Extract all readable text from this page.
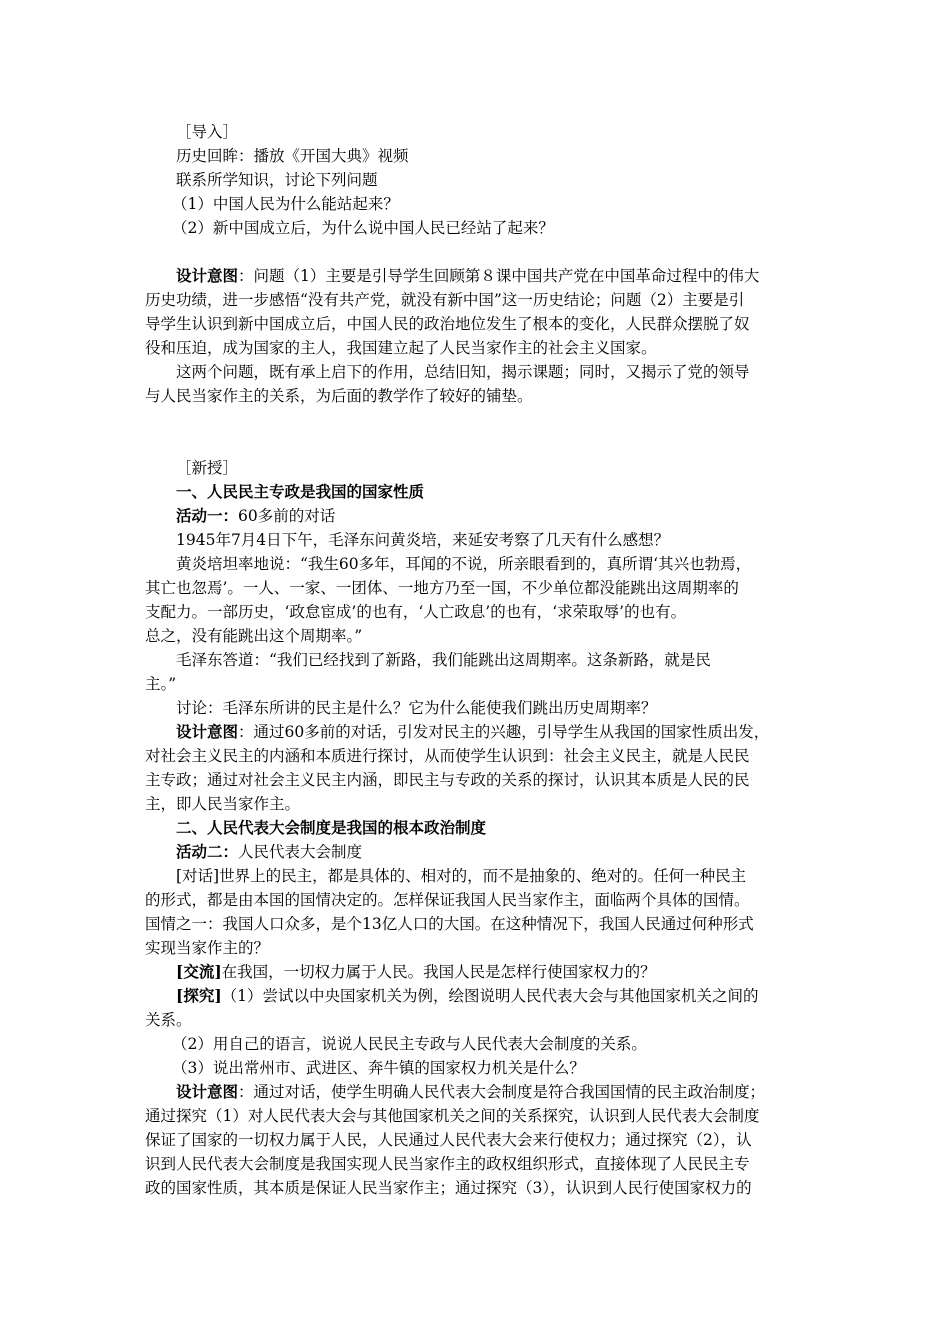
［导入］
历史回眸：播放《开国大典》视频
联系所学知识，讨论下列问题
（1）中国人民为什么能站起来？
（2）新中国成立后，为什么说中国人民已经站了起来？
设计意图：问题（1）主要是引导学生回顾第８课中国共产党在中国革命过程中的伟大
历史功绩，进一步感悟“没有共产党，就没有新中国”这一历史结论；问题（2）主要是引
导学生认识到新中国成立后，中国人民的政治地位发生了根本的变化，人民群众摆脱了奴
役和压迫，成为国家的主人，我国建立起了人民当家作主的社会主义国家。
这两个问题，既有承上启下的作用，总结旧知，揭示课题；同时，又揭示了党的领导
与人民当家作主的关系，为后面的教学作了较好的铺垫。
［新授］
一、人民民主专政是我国的国家性质
活动一：60多前的对话
1945年7月4日下午，毛泽东问黄炎培，来延安考察了几天有什么感想？
黄炎培坦率地说：“我生60多年，耳闻的不说，所亲眼看到的，真所谓‘其兴也勃焉，
其亡也忽焉’。一人、一家、一团体、一地方乃至一国，不少单位都没能跳出这周期率的
支配力。一部历史，‘政怠宦成’的也有，‘人亡政息’的也有，‘求荣取辱’的也有。
总之，没有能跳出这个周期率。”
毛泽东答道：“我们已经找到了新路，我们能跳出这周期率。这条新路，就是民
主。”
讨论：毛泽东所讲的民主是什么？它为什么能使我们跳出历史周期率？
设计意图：通过60多前的对话，引发对民主的兴趣，引导学生从我国的国家性质出发，
对社会主义民主的内涵和本质进行探讨，从而使学生认识到：社会主义民主，就是人民民
主专政；通过对社会主义民主内涵，即民主与专政的关系的探讨，认识其本质是人民的民
主，即人民当家作主。
二、人民代表大会制度是我国的根本政治制度
活动二：人民代表大会制度
[对话]世界上的民主，都是具体的、相对的，而不是抽象的、绝对的。任何一种民主
的形式，都是由本国的国情决定的。怎样保证我国人民当家作主，面临两个具体的国情。
国情之一：我国人口众多，是个13亿人口的大国。在这种情况下，我国人民通过何种形式
实现当家作主的？
[交流]在我国，一切权力属于人民。我国人民是怎样行使国家权力的？
[探究]（1）尝试以中央国家机关为例，绘图说明人民代表大会与其他国家机关之间的
关系。
（2）用自己的语言，说说人民民主专政与人民代表大会制度的关系。
（3）说出常州市、武进区、奔牛镇的国家权力机关是什么？
设计意图：通过对话，使学生明确人民代表大会制度是符合我国国情的民主政治制度；
通过探究（1）对人民代表大会与其他国家机关之间的关系探究，认识到人民代表大会制度
保证了国家的一切权力属于人民，人民通过人民代表大会来行使权力；通过探究（2），认
识到人民代表大会制度是我国实现人民当家作主的政权组织形式，直接体现了人民民主专
政的国家性质，其本质是保证人民当家作主；通过探究（3），认识到人民行使国家权力的
